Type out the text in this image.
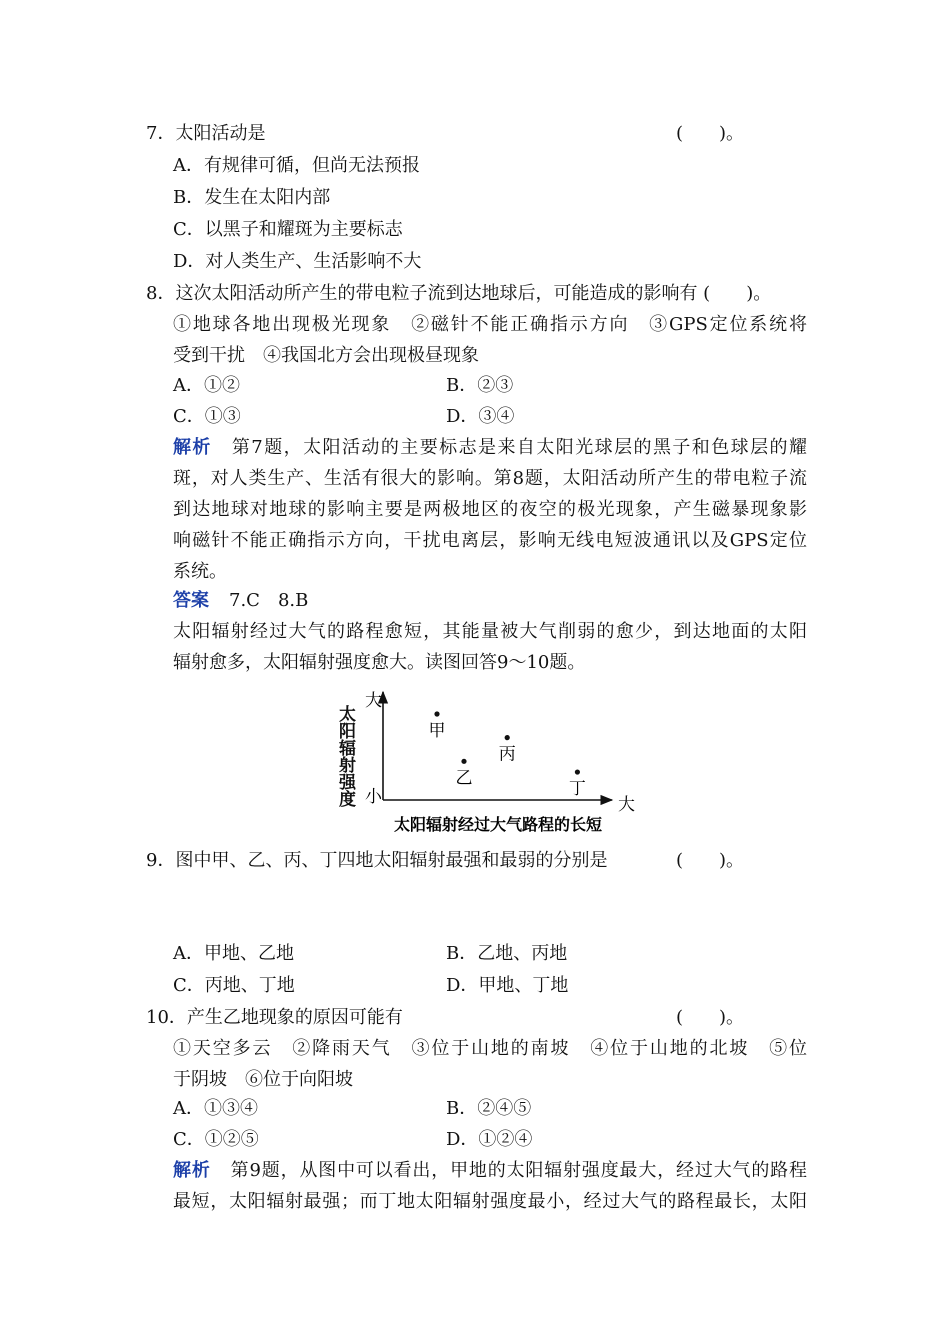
7．太阳活动是	(　　)。
A．有规律可循，但尚无法预报
B．发生在太阳内部
C．以黑子和耀斑为主要标志
D．对人类生产、生活影响不大
8．这次太阳活动所产生的带电粒子流到达地球后，可能造成的影响有 (　　)。
①地球各地出现极光现象　②磁针不能正确指示方向　③GPS定位系统将
受到干扰　④我国北方会出现极昼现象
A．①②	B．②③
C．①③	D．③④
解析 第7题，太阳活动的主要标志是来自太阳光球层的黑子和色球层的耀
斑，对人类生产、生活有很大的影响。第8题，太阳活动所产生的带电粒子流
到达地球对地球的影响主要是两极地区的夜空的极光现象，产生磁暴现象影
响磁针不能正确指示方向，干扰电离层，影响无线电短波通讯以及GPS定位
系统。
答案 7.C　8.B
太阳辐射经过大气的路程愈短，其能量被大气削弱的愈少，到达地面的太阳
辐射愈多，太阳辐射强度愈大。读图回答9～10题。
太
阳
辐
射
强
度
大
小	大
甲
乙
丙
丁
太阳辐射经过大气路程的长短
9．图中甲、乙、丙、丁四地太阳辐射最强和最弱的分别是	(　　)。
A．甲地、乙地	B．乙地、丙地
C．丙地、丁地	D．甲地、丁地
10．产生乙地现象的原因可能有	(　　)。
①天空多云　②降雨天气　③位于山地的南坡　④位于山地的北坡　⑤位
于阴坡　⑥位于向阳坡
A．①③④	B．②④⑤
C．①②⑤	D．①②④
解析 第9题，从图中可以看出，甲地的太阳辐射强度最大，经过大气的路程
最短，太阳辐射最强；而丁地太阳辐射强度最小，经过大气的路程最长，太阳
